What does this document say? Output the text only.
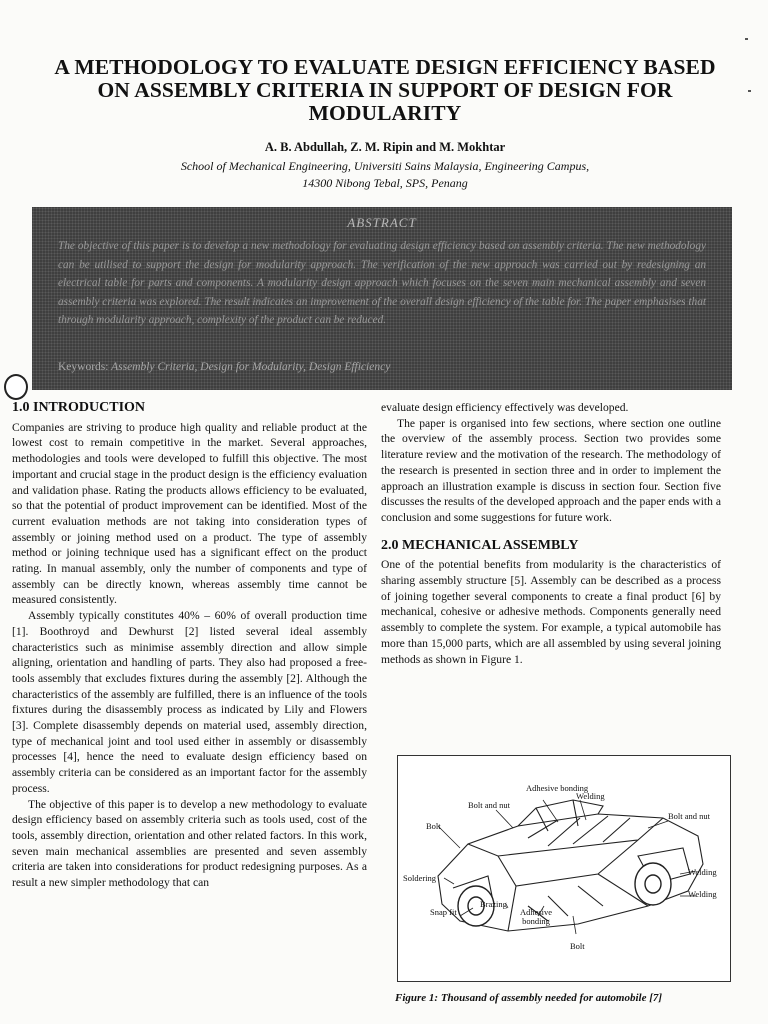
A METHODOLOGY TO EVALUATE DESIGN EFFICIENCY BASED ON ASSEMBLY CRITERIA IN SUPPORT OF DESIGN FOR MODULARITY
A. B. Abdullah, Z. M. Ripin and M. Mokhtar
School of Mechanical Engineering, Universiti Sains Malaysia, Engineering Campus,
14300 Nibong Tebal, SPS, Penang
ABSTRACT
The objective of this paper is to develop a new methodology for evaluating design efficiency based on assembly criteria. The new methodology can be utilised to support the design for modularity approach. The verification of the new approach was carried out by redesigning an electrical table for parts and components. A modularity design approach which focuses on the seven main mechanical assembly and seven assembly criteria was explored. The result indicates an improvement of the overall design efficiency of the table for. The paper emphasises that through modularity approach, complexity of the product can be reduced.
Keywords: Assembly Criteria, Design for Modularity, Design Efficiency
1.0 INTRODUCTION

Companies are striving to produce high quality and reliable product at the lowest cost to remain competitive in the market. Several approaches, methodologies and tools were developed to fulfill this objective. The most important and crucial stage in the product design is the efficiency evaluation and validation phase. Rating the products allows efficiency to be evaluated, so that the potential of product improvement can be identified. Most of the current evaluation methods are not taking into consideration types of assembly or joining method used on a product. The type of assembly method or joining technique used has a significant effect on the product rating. In manual assembly, only the number of components and type of assembly can be directly known, whereas assembly time cannot be measured consistently.

Assembly typically constitutes 40% – 60% of overall production time [1]. Boothroyd and Dewhurst [2] listed several ideal assembly characteristics such as minimise assembly direction and allow simple aligning, orientation and handling of parts. They also had proposed a free-tools assembly that excludes fixtures during the assembly [2]. Although the characteristics of the assembly are fulfilled, there is an influence of the tools fixtures during the disassembly process as indicated by Lily and Flowers [3]. Complete disassembly depends on material used, assembly direction, type of mechanical joint and tool used either in assembly or disassembly processes [4], hence the need to evaluate design efficiency based on assembly criteria can be considered as an important factor for the assembly process.

The objective of this paper is to develop a new methodology to evaluate design efficiency based on assembly criteria such as tools used, cost of the tools, assembly direction, orientation and other related factors. In this work, seven main mechanical assemblies are presented and seven assembly criteria are taken into considerations for product redesigning purposes. As a result a new simpler methodology that can

evaluate design efficiency effectively was developed.

The paper is organised into few sections, where section one outline the overview of the assembly process. Section two provides some literature review and the motivation of the research. The methodology of the research is presented in section three and in order to implement the approach an illustration example is discuss in section four. Section five discusses the results of the developed approach and the paper ends with a conclusion and some suggestions for future work.

2.0 MECHANICAL ASSEMBLY

One of the potential benefits from modularity is the characteristics of sharing assembly structure [5]. Assembly can be described as a process of joining together several components to create a final product [6] by mechanical, cohesive or adhesive methods. Components generally need assembly to complete the system. For example, a typical automobile has more than 15,000 parts, which are all assembled by using several joining methods as shown in Figure 1.

Adhesive bonding
Welding
Bolt and nut
Bolt and nut
Bolt
Welding
Welding
Soldering
Brazing
Snap fit	Adhesive bonding
Bolt
Figure 1: Thousand of assembly needed for automobile [7]
